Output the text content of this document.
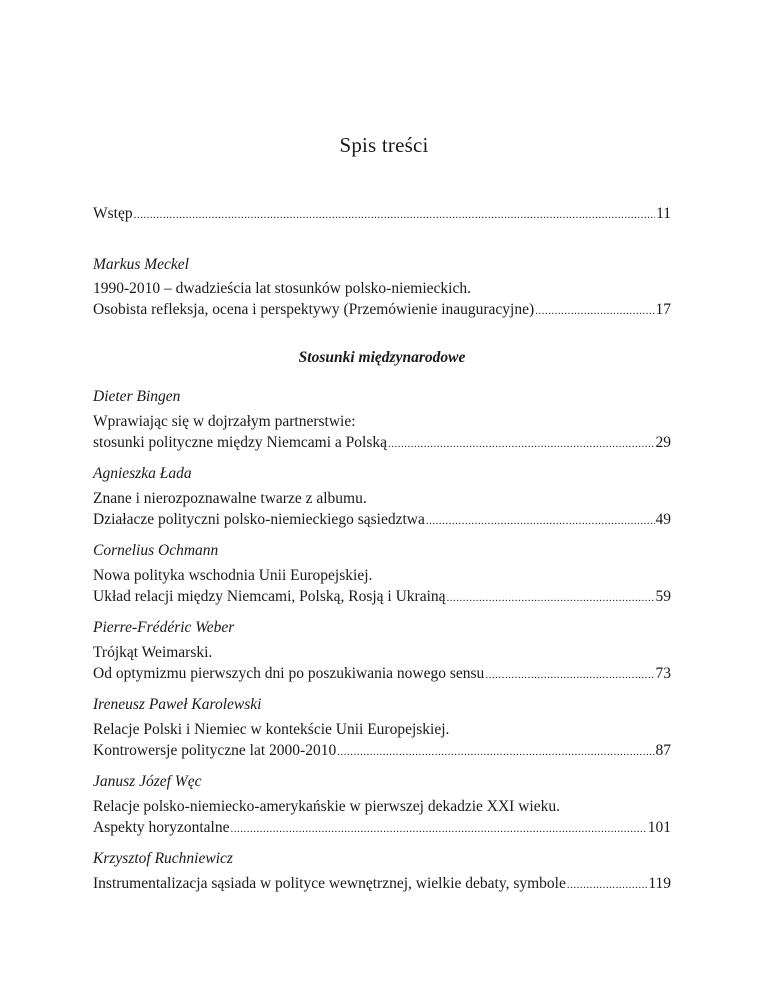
Spis treści
Wstęp .....	11
Markus Meckel
1990-2010 – dwadzieścia lat stosunków polsko-niemieckich.
Osobista refleksja, ocena i perspektywy (Przemówienie inauguracyjne) .....	17
Stosunki międzynarodowe
Dieter Bingen
Wprawiając się w dojrzałym partnerstwie:
stosunki polityczne między Niemcami a Polską .....	29
Agnieszka Łada
Znane i nierozpoznawalne twarze z albumu.
Działacze polityczni polsko-niemieckiego sąsiedztwa .....	49
Cornelius Ochmann
Nowa polityka wschodnia Unii Europejskiej.
Układ relacji między Niemcami, Polską, Rosją i Ukrainą .....	59
Pierre-Frédéric Weber
Trójkąt Weimarski.
Od optymizmu pierwszych dni po poszukiwania nowego sensu .....	73
Ireneusz Paweł Karolewski
Relacje Polski i Niemiec w kontekście Unii Europejskiej.
Kontrowersje polityczne lat 2000-2010 .....	87
Janusz Józef Węc
Relacje polsko-niemiecko-amerykańskie w pierwszej dekadzie XXI wieku.
Aspekty horyzontalne .....	101
Krzysztof Ruchniewicz
Instrumentalizacja sąsiada w polityce wewnętrznej, wielkie debaty, symbole .....	119
